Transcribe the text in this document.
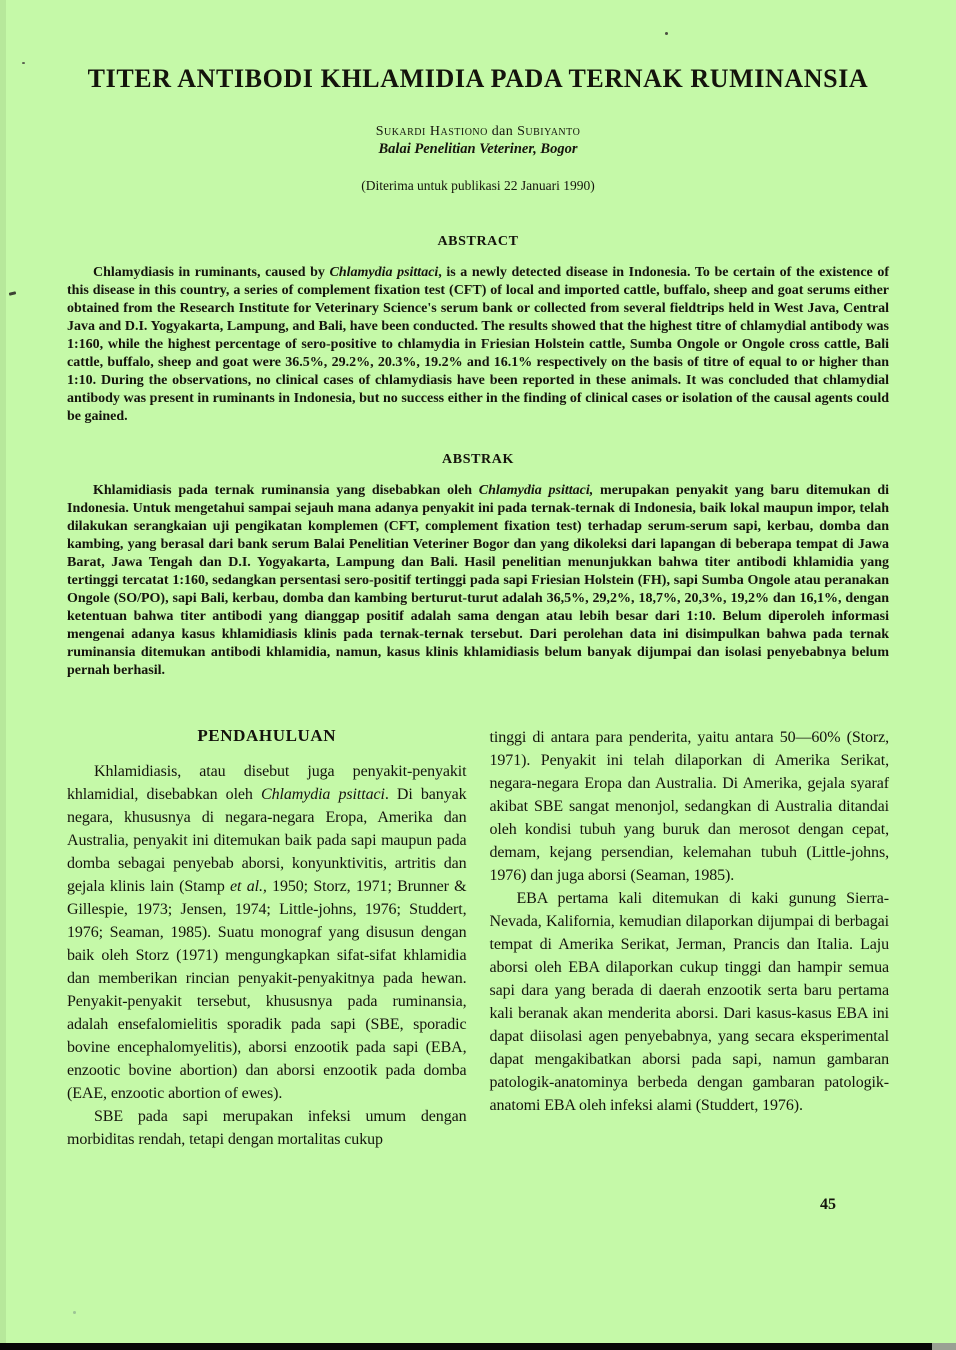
TITER ANTIBODI KHLAMIDIA PADA TERNAK RUMINANSIA
Sukardi Hastiono dan Subiyanto
Balai Penelitian Veteriner, Bogor
(Diterima untuk publikasi 22 Januari 1990)
ABSTRACT

Chlamydiasis in ruminants, caused by Chlamydia psittaci, is a newly detected disease in Indonesia. To be certain of the existence of this disease in this country, a series of complement fixation test (CFT) of local and imported cattle, buffalo, sheep and goat serums either obtained from the Research Institute for Veterinary Science's serum bank or collected from several fieldtrips held in West Java, Central Java and D.I. Yogyakarta, Lampung, and Bali, have been conducted. The results showed that the highest titre of chlamydial antibody was 1:160, while the highest percentage of sero-positive to chlamydia in Friesian Holstein cattle, Sumba Ongole or Ongole cross cattle, Bali cattle, buffalo, sheep and goat were 36.5%, 29.2%, 20.3%, 19.2% and 16.1% respectively on the basis of titre of equal to or higher than 1:10. During the observations, no clinical cases of chlamydiasis have been reported in these animals. It was concluded that chlamydial antibody was present in ruminants in Indonesia, but no success either in the finding of clinical cases or isolation of the causal agents could be gained.

ABSTRAK

Khlamidiasis pada ternak ruminansia yang disebabkan oleh Chlamydia psittaci, merupakan penyakit yang baru ditemukan di Indonesia. Untuk mengetahui sampai sejauh mana adanya penyakit ini pada ternak-ternak di Indonesia, baik lokal maupun impor, telah dilakukan serangkaian uji pengikatan komplemen (CFT, complement fixation test) terhadap serum-serum sapi, kerbau, domba dan kambing, yang berasal dari bank serum Balai Penelitian Veteriner Bogor dan yang dikoleksi dari lapangan di beberapa tempat di Jawa Barat, Jawa Tengah dan D.I. Yogyakarta, Lampung dan Bali. Hasil penelitian menunjukkan bahwa titer antibodi khlamidia yang tertinggi tercatat 1:160, sedangkan persentasi sero-positif tertinggi pada sapi Friesian Holstein (FH), sapi Sumba Ongole atau peranakan Ongole (SO/PO), sapi Bali, kerbau, domba dan kambing berturut-turut adalah 36,5%, 29,2%, 18,7%, 20,3%, 19,2% dan 16,1%, dengan ketentuan bahwa titer antibodi yang dianggap positif adalah sama dengan atau lebih besar dari 1:10. Belum diperoleh informasi mengenai adanya kasus khlamidiasis klinis pada ternak-ternak tersebut. Dari perolehan data ini disimpulkan bahwa pada ternak ruminansia ditemukan antibodi khlamidia, namun, kasus klinis khlamidiasis belum banyak dijumpai dan isolasi penyebabnya belum pernah berhasil.

PENDAHULUAN

Khlamidiasis, atau disebut juga penyakit-penyakit khlamidial, disebabkan oleh Chlamydia psittaci. Di banyak negara, khususnya di negara-negara Eropa, Amerika dan Australia, penyakit ini ditemukan baik pada sapi maupun pada domba sebagai penyebab aborsi, konyunktivitis, artritis dan gejala klinis lain (Stamp et al., 1950; Storz, 1971; Brunner & Gillespie, 1973; Jensen, 1974; Little-johns, 1976; Studdert, 1976; Seaman, 1985). Suatu monograf yang disusun dengan baik oleh Storz (1971) mengungkapkan sifat-sifat khlamidia dan memberikan rincian penyakit-penyakitnya pada hewan. Penyakit-penyakit tersebut, khususnya pada ruminansia, adalah ensefalomielitis sporadik pada sapi (SBE, sporadic bovine encephalomyelitis), aborsi enzootik pada sapi (EBA, enzootic bovine abortion) dan aborsi enzootik pada domba (EAE, enzootic abortion of ewes).

SBE pada sapi merupakan infeksi umum dengan morbiditas rendah, tetapi dengan mortalitas cukup

tinggi di antara para penderita, yaitu antara 50—60% (Storz, 1971). Penyakit ini telah dilaporkan di Amerika Serikat, negara-negara Eropa dan Australia. Di Amerika, gejala syaraf akibat SBE sangat menonjol, sedangkan di Australia ditandai oleh kondisi tubuh yang buruk dan merosot dengan cepat, demam, kejang persendian, kelemahan tubuh (Little-johns, 1976) dan juga aborsi (Seaman, 1985).

EBA pertama kali ditemukan di kaki gunung Sierra-Nevada, Kalifornia, kemudian dilaporkan dijumpai di berbagai tempat di Amerika Serikat, Jerman, Prancis dan Italia. Laju aborsi oleh EBA dilaporkan cukup tinggi dan hampir semua sapi dara yang berada di daerah enzootik serta baru pertama kali beranak akan menderita aborsi. Dari kasus-kasus EBA ini dapat diisolasi agen penyebabnya, yang secara eksperimental dapat mengakibatkan aborsi pada sapi, namun gambaran patologik-anatominya berbeda dengan gambaran patologik-anatomi EBA oleh infeksi alami (Studdert, 1976).

45
